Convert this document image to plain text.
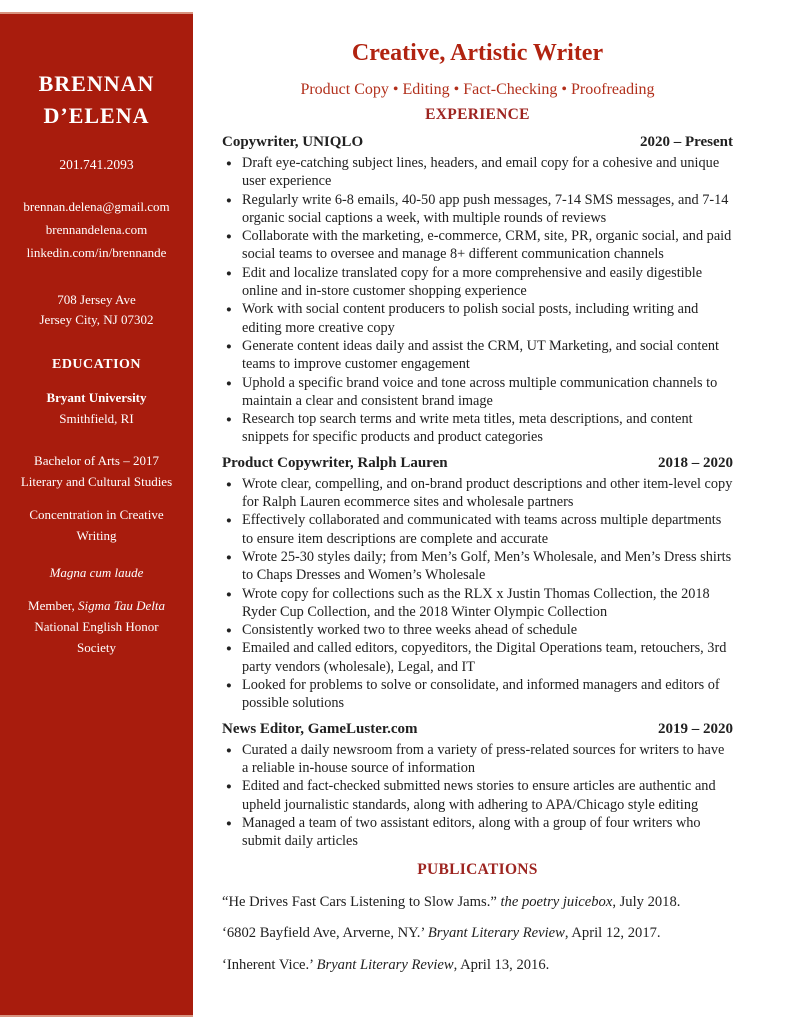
BRENNAN
D’ELENA
201.741.2093
brennan.delena@gmail.com
brennandelena.com
linkedin.com/in/brennande
708 Jersey Ave
Jersey City, NJ 07302
EDUCATION
Bryant University
Smithfield, RI
Bachelor of Arts – 2017 Literary and Cultural Studies
Concentration in Creative Writing
Magna cum laude
Member, Sigma Tau Delta National English Honor Society
Creative, Artistic Writer
Product Copy • Editing • Fact-Checking • Proofreading
EXPERIENCE
Copywriter, UNIQLO	2020 – Present
● Draft eye-catching subject lines, headers, and email copy for a cohesive and unique user experience
● Regularly write 6-8 emails, 40-50 app push messages, 7-14 SMS messages, and 7-14 organic social captions a week, with multiple rounds of reviews
● Collaborate with the marketing, e-commerce, CRM, site, PR, organic social, and paid social teams to oversee and manage 8+ different communication channels
● Edit and localize translated copy for a more comprehensive and easily digestible online and in-store customer shopping experience
● Work with social content producers to polish social posts, including writing and editing more creative copy
● Generate content ideas daily and assist the CRM, UT Marketing, and social content teams to improve customer engagement
● Uphold a specific brand voice and tone across multiple communication channels to maintain a clear and consistent brand image
● Research top search terms and write meta titles, meta descriptions, and content snippets for specific products and product categories
Product Copywriter, Ralph Lauren	2018 – 2020
● Wrote clear, compelling, and on-brand product descriptions and other item-level copy for Ralph Lauren ecommerce sites and wholesale partners
● Effectively collaborated and communicated with teams across multiple departments to ensure item descriptions are complete and accurate
● Wrote 25-30 styles daily; from Men’s Golf, Men’s Wholesale, and Men’s Dress shirts to Chaps Dresses and Women’s Wholesale
● Wrote copy for collections such as the RLX x Justin Thomas Collection, the 2018 Ryder Cup Collection, and the 2018 Winter Olympic Collection
● Consistently worked two to three weeks ahead of schedule
● Emailed and called editors, copyeditors, the Digital Operations team, retouchers, 3rd party vendors (wholesale), Legal, and IT
● Looked for problems to solve or consolidate, and informed managers and editors of possible solutions
News Editor, GameLuster.com	2019 – 2020
● Curated a daily newsroom from a variety of press-related sources for writers to have a reliable in-house source of information
● Edited and fact-checked submitted news stories to ensure articles are authentic and upheld journalistic standards, along with adhering to APA/Chicago style editing
● Managed a team of two assistant editors, along with a group of four writers who submit daily articles
PUBLICATIONS

“He Drives Fast Cars Listening to Slow Jams.” the poetry juicebox, July 2018.

‘6802 Bayfield Ave, Arverne, NY.’ Bryant Literary Review, April 12, 2017.

‘Inherent Vice.’ Bryant Literary Review, April 13, 2016.
